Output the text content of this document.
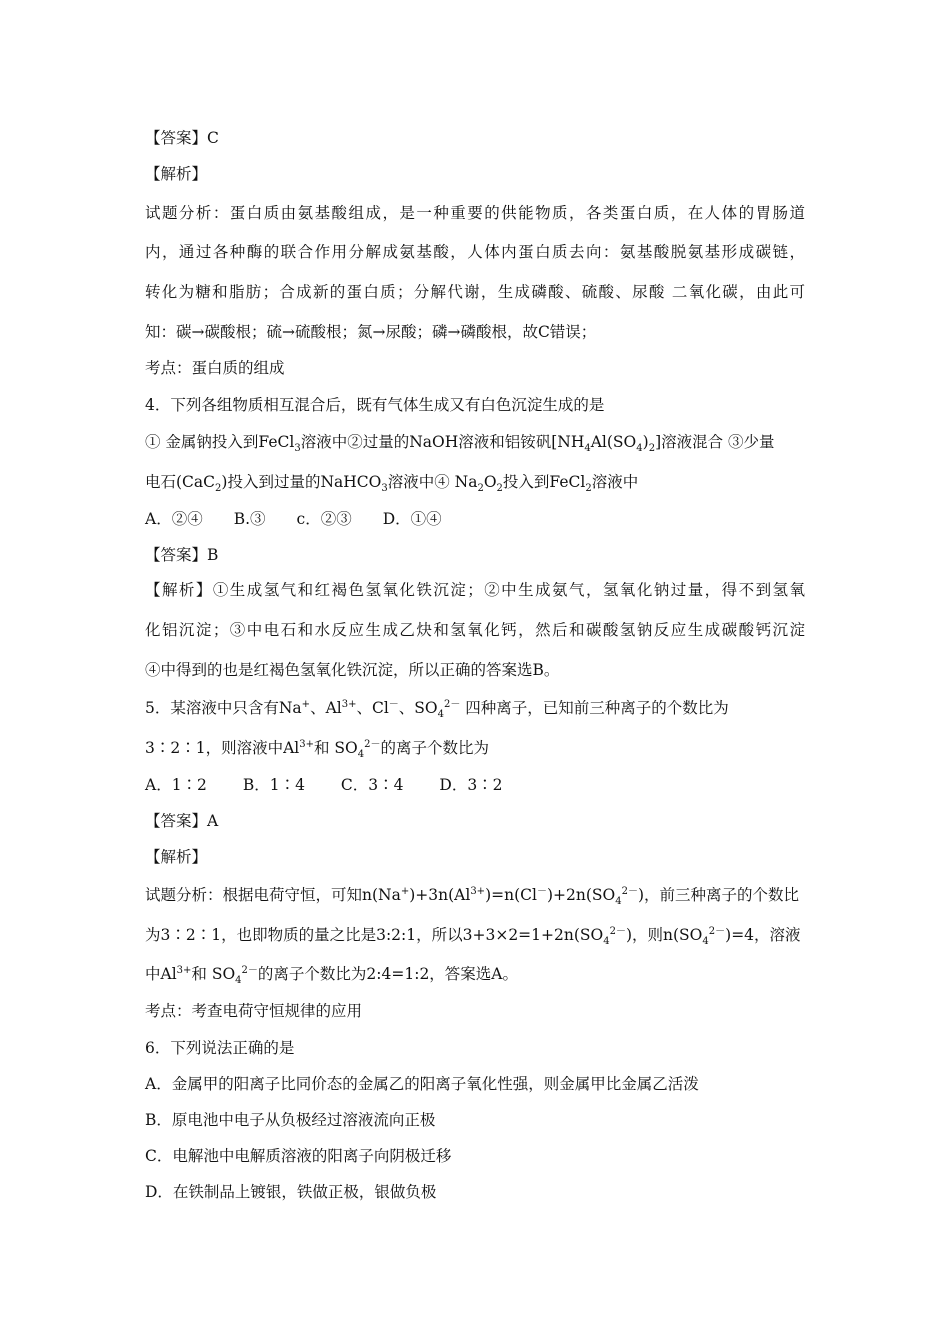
【答案】C
【解析】
试题分析：蛋白质由氨基酸组成，是一种重要的供能物质，各类蛋白质，在人体的胃肠道
内，通过各种酶的联合作用分解成氨基酸，人体内蛋白质去向：氨基酸脱氨基形成碳链，
转化为糖和脂肪；合成新的蛋白质；分解代谢，生成磷酸、硫酸、尿酸 二氧化碳，由此可
知：碳→碳酸根；硫→硫酸根；氮→尿酸；磷→磷酸根，故C错误；
考点：蛋白质的组成
4．下列各组物质相互混合后，既有气体生成又有白色沉淀生成的是
① 金属钠投入到FeCl$_3$溶液中②过量的NaOH溶液和铝铵矾$[NH_4Al(SO_4)_2]$溶液混合 ③少量
电石(CaC$_2$)投入到过量的NaHCO$_3$溶液中④ $Na_2O_2$投入到FeCl$_2$溶液中
A．②④　　B.③　　c．②③　　D．①④
【答案】B
【解析】①生成氢气和红褐色氢氧化铁沉淀；②中生成氨气，氢氧化钠过量，得不到氢氧
化铝沉淀；③中电石和水反应生成乙炔和氢氧化钙，然后和碳酸氢钠反应生成碳酸钙沉淀
④中得到的也是红褐色氢氧化铁沉淀，所以正确的答案选B。
5．某溶液中只含有Na+、$Al^{3+}$、Cl－、$SO_4^{2-}$ 四种离子，已知前三种离子的个数比为
3∶2∶1，则溶液中$Al^{3+}$和 $SO_4^{2-}$的离子个数比为
A．1∶2　　 B．1∶4　　 C．3∶4　　 D．3∶2
【答案】A
【解析】
试题分析：根据电荷守恒，可知$n(Na^+)+3n(Al^{3+})=n(Cl^-)+2n(SO_4^{2-})$，前三种离子的个数比
为3∶2∶1，也即物质的量之比是3:2:1，所以$3+3\times 2=1+2n(SO_4^{2-})$，则$n(SO_4^{2-})=4$，溶液
中$Al^{3+}$和 $SO_4^{2-}$的离子个数比为2:4=1:2，答案选A。
考点：考查电荷守恒规律的应用
6．下列说法正确的是
A．金属甲的阳离子比同价态的金属乙的阳离子氧化性强，则金属甲比金属乙活泼
B．原电池中电子从负极经过溶液流向正极
C．电解池中电解质溶液的阳离子向阴极迁移
D．在铁制品上镀银，铁做正极，银做负极
